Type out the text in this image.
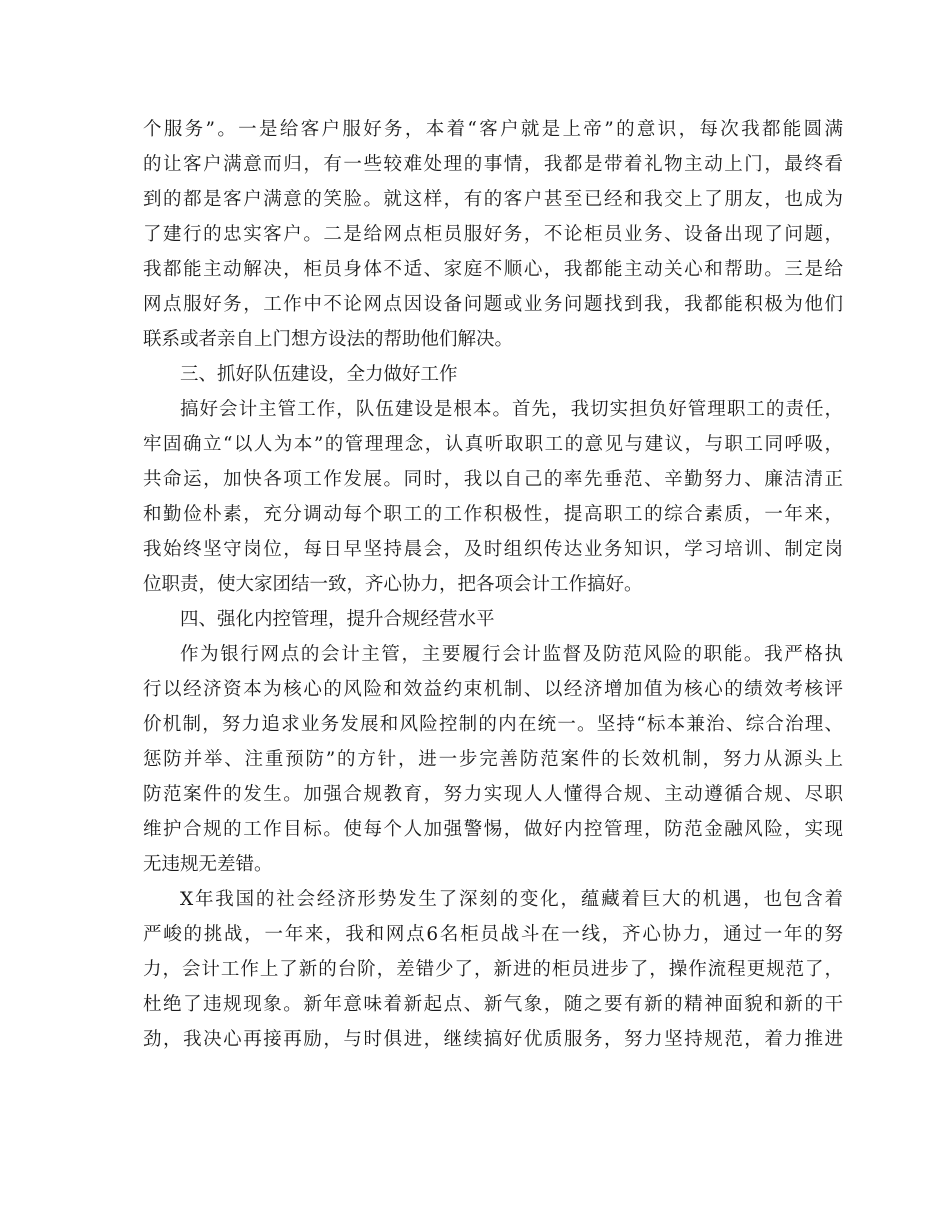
个服务”。一是给客户服好务，本着“客户就是上帝”的意识，每次我都能圆满
的让客户满意而归，有一些较难处理的事情，我都是带着礼物主动上门，最终看
到的都是客户满意的笑脸。就这样，有的客户甚至已经和我交上了朋友，也成为
了建行的忠实客户。二是给网点柜员服好务，不论柜员业务、设备出现了问题，
我都能主动解决，柜员身体不适、家庭不顺心，我都能主动关心和帮助。三是给
网点服好务，工作中不论网点因设备问题或业务问题找到我，我都能积极为他们
联系或者亲自上门想方设法的帮助他们解决。
三、抓好队伍建设，全力做好工作
搞好会计主管工作，队伍建设是根本。首先，我切实担负好管理职工的责任，
牢固确立“以人为本”的管理理念，认真听取职工的意见与建议，与职工同呼吸，
共命运，加快各项工作发展。同时，我以自己的率先垂范、辛勤努力、廉洁清正
和勤俭朴素，充分调动每个职工的工作积极性，提高职工的综合素质，一年来，
我始终坚守岗位，每日早坚持晨会，及时组织传达业务知识，学习培训、制定岗
位职责，使大家团结一致，齐心协力，把各项会计工作搞好。
四、强化内控管理，提升合规经营水平
作为银行网点的会计主管，主要履行会计监督及防范风险的职能。我严格执
行以经济资本为核心的风险和效益约束机制、以经济增加值为核心的绩效考核评
价机制，努力追求业务发展和风险控制的内在统一。坚持“标本兼治、综合治理、
惩防并举、注重预防”的方针，进一步完善防范案件的长效机制，努力从源头上
防范案件的发生。加强合规教育，努力实现人人懂得合规、主动遵循合规、尽职
维护合规的工作目标。使每个人加强警惕，做好内控管理，防范金融风险，实现
无违规无差错。
X年我国的社会经济形势发生了深刻的变化，蕴藏着巨大的机遇，也包含着
严峻的挑战，一年来，我和网点6名柜员战斗在一线，齐心协力，通过一年的努
力，会计工作上了新的台阶，差错少了，新进的柜员进步了，操作流程更规范了，
杜绝了违规现象。新年意味着新起点、新气象，随之要有新的精神面貌和新的干
劲，我决心再接再励，与时俱进，继续搞好优质服务，努力坚持规范，着力推进
